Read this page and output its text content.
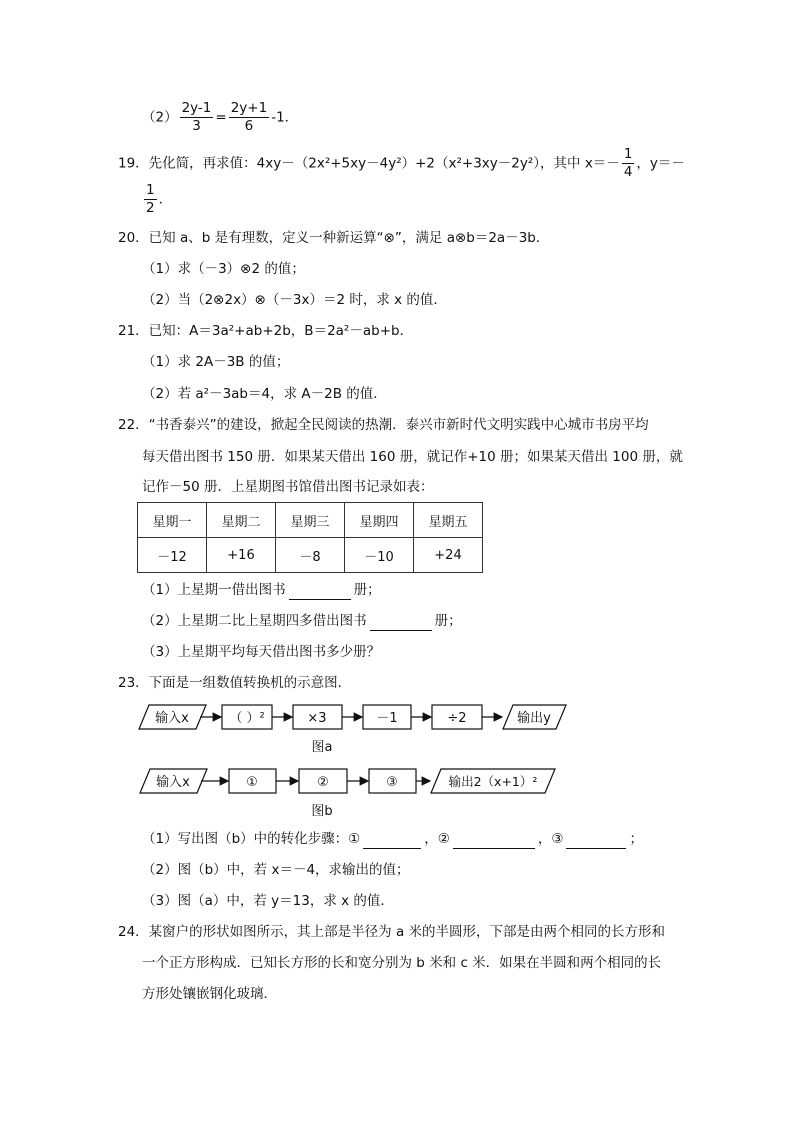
$(2) \frac{2y-1}{3} = \frac{2y+1}{6} -1$．
19．先化简，再求值：4xy－（2x²+5xy－4y²）+2（x²+3xy－2y²），其中 $x=- \frac{1}{4}$ ，y＝－
$\frac{1}{2}$ ．
20．已知 a、b 是有理数，定义一种新运算“⊗”，满足 a⊗b＝2a－3b．
（1）求（－3）⊗2 的值；
（2）当（2⊗2x）⊗（－3x）＝2 时，求 x 的值．
21．已知：A＝3a²+ab+2b，B＝2a²－ab+b．
（1）求 2A－3B 的值；
（2）若 a²－3ab＝4，求 A－2B 的值．
22．“书香泰兴”的建设，掀起全民阅读的热潮．泰兴市新时代文明实践中心城市书房平均
每天借出图书 150 册．如果某天借出 160 册，就记作+10 册；如果某天借出 100 册，就
记作－50 册．上星期图书馆借出图书记录如表：
星期一	星期二	星期三	星期四	星期五
－12	+16	－8	－10	+24
（1）上星期一借出图书	册；
（2）上星期二比上星期四多借出图书	册；
（3）上星期平均每天借出图书多少册？
23．下面是一组数值转换机的示意图．
输入x	（ ）²	×3	－1	÷2	输出y
图a
输入x	①	②	③	输出2（x+1）²
图b
（1）写出图（b）中的转化步骤：①	，②	，③	；
（2）图（b）中，若 x＝－4，求输出的值；
（3）图（a）中，若 y＝13，求 x 的值．
24．某窗户的形状如图所示，其上部是半径为 a 米的半圆形，下部是由两个相同的长方形和
一个正方形构成．已知长方形的长和宽分别为 b 米和 c 米．如果在半圆和两个相同的长
方形处镶嵌钢化玻璃．
